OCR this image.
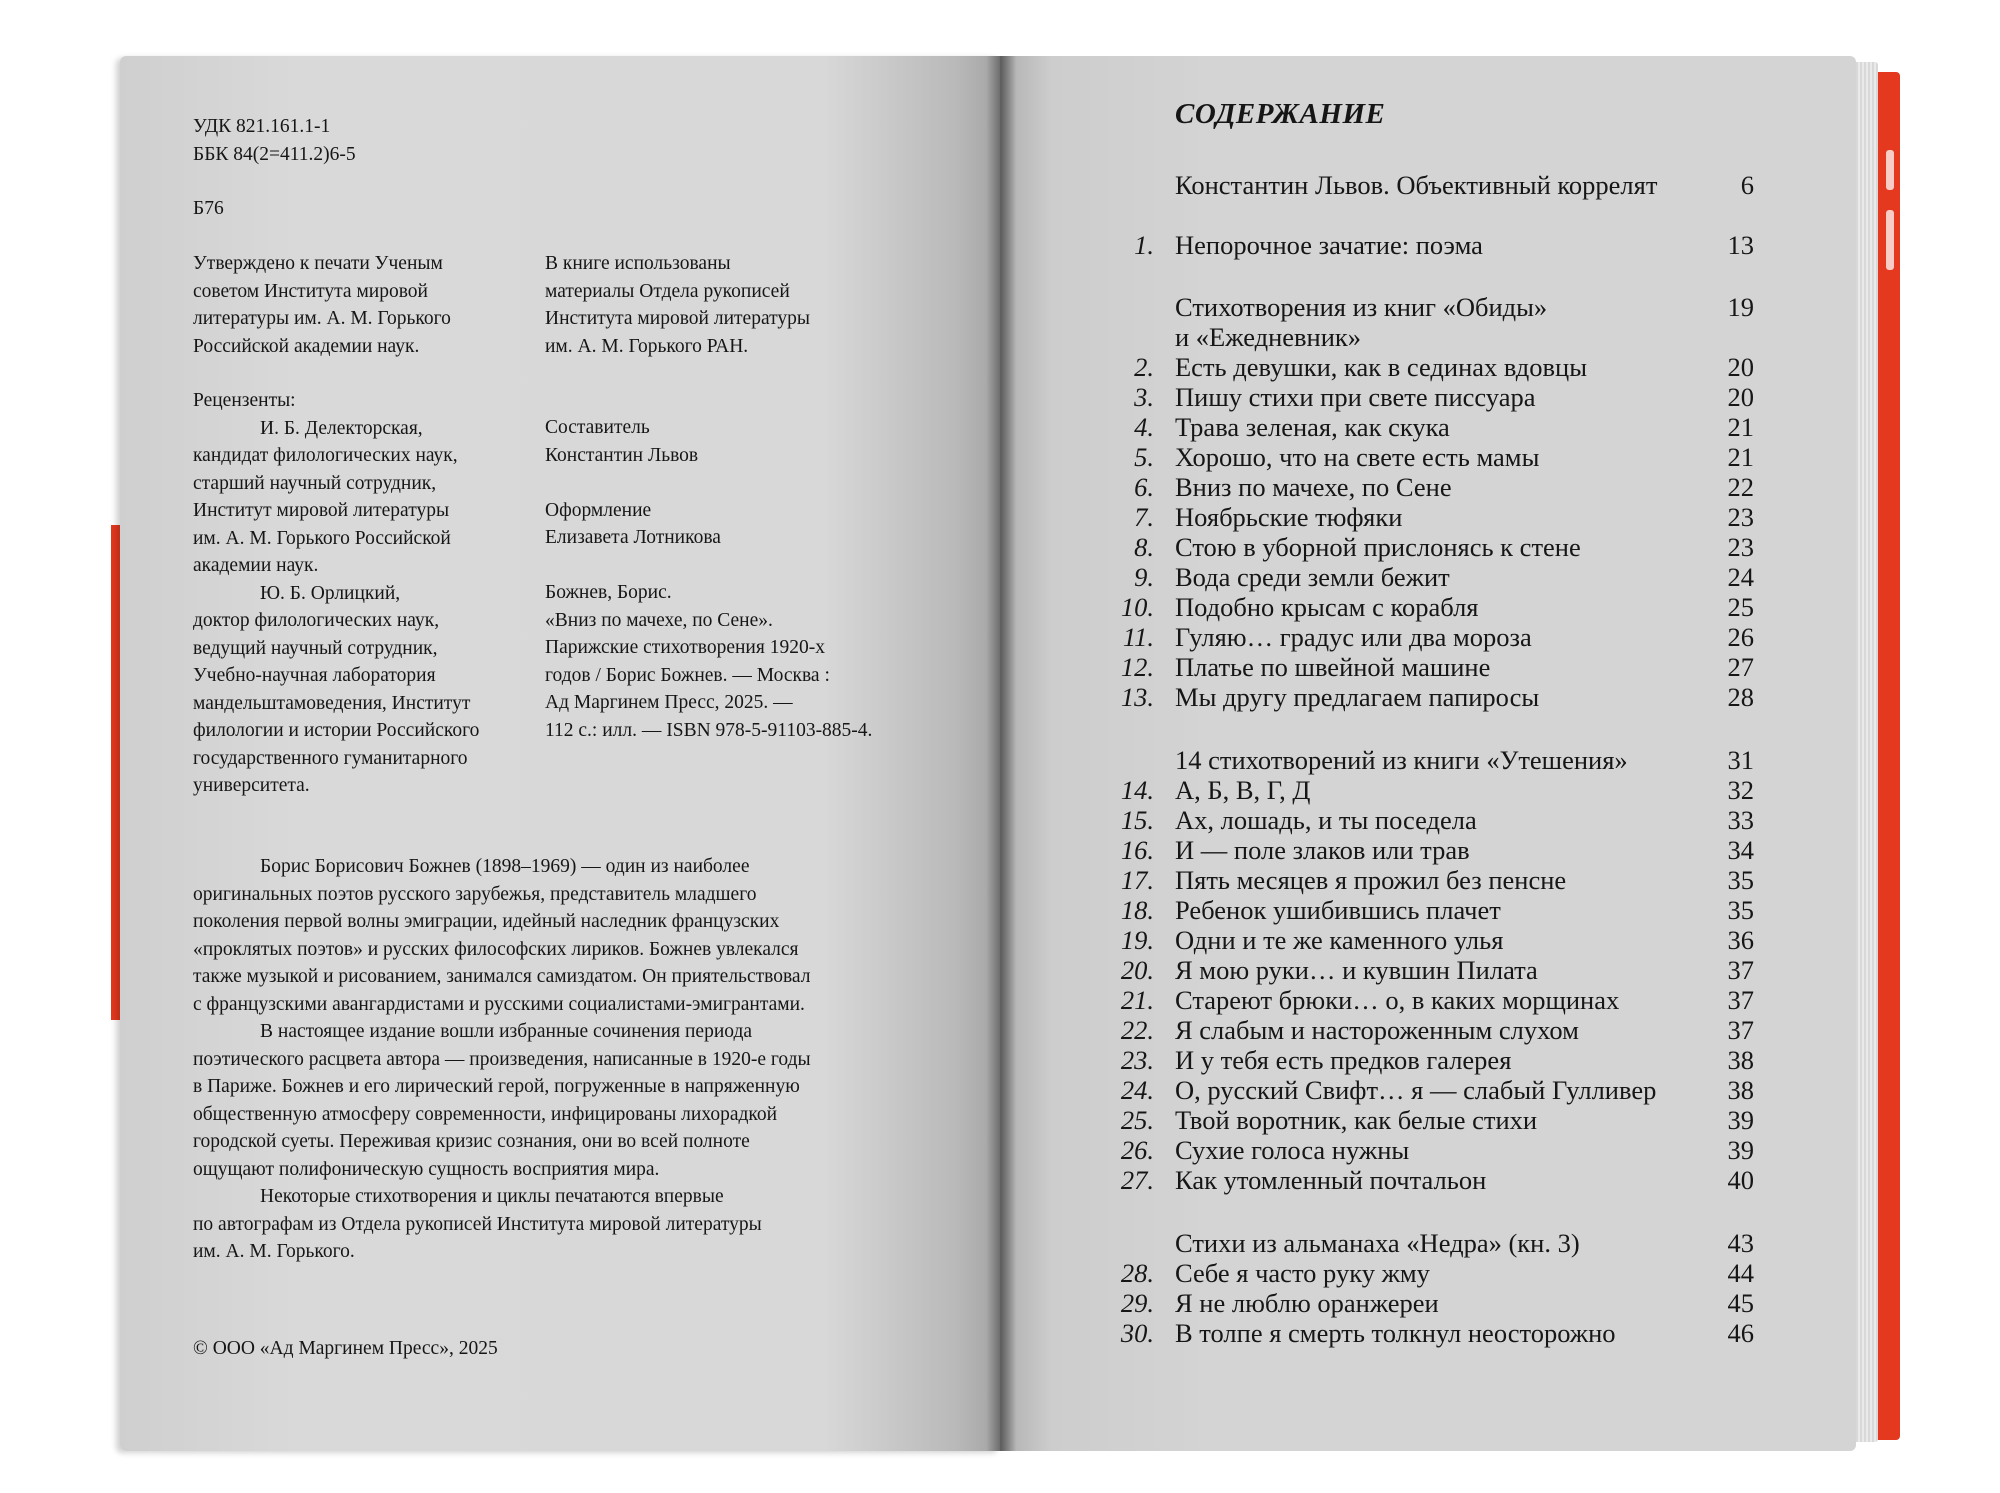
УДК 821.161.1-1
ББК 84(2=411.2)6-5
Б76
Утверждено к печати Ученым
советом Института мировой
литературы им. А. М. Горького
Российской академии наук.
В книге использованы
материалы Отдела рукописей
Института мировой литературы
им. А. М. Горького РАН.
Рецензенты:
И. Б. Делекторская,
кандидат филологических наук,
старший научный сотрудник,
Институт мировой литературы
им. А. М. Горького Российской
академии наук.
Ю. Б. Орлицкий,
доктор филологических наук,
ведущий научный сотрудник,
Учебно-научная лаборатория
мандельштамоведения, Институт
филологии и истории Российского
государственного гуманитарного
университета.
Составитель
Константин Львов
Оформление
Елизавета Лотникова
Божнев, Борис.
«Вниз по мачехе, по Сене».
Парижские стихотворения 1920-х
годов / Борис Божнев. — Москва :
Ад Маргинем Пресс, 2025. —
112 с.: илл. — ISBN 978-5-91103-885-4.
Борис Борисович Божнев (1898–1969) — один из наиболее
оригинальных поэтов русского зарубежья, представитель младшего
поколения первой волны эмиграции, идейный наследник французских
«проклятых поэтов» и русских философских лириков. Божнев увлекался
также музыкой и рисованием, занимался самиздатом. Он приятельствовал
с французскими авангардистами и русскими социалистами-эмигрантами.
В настоящее издание вошли избранные сочинения периода
поэтического расцвета автора — произведения, написанные в 1920-е годы
в Париже. Божнев и его лирический герой, погруженные в напряженную
общественную атмосферу современности, инфицированы лихорадкой
городской суеты. Переживая кризис сознания, они во всей полноте
ощущают полифоническую сущность восприятия мира.
Некоторые стихотворения и циклы печатаются впервые
по автографам из Отдела рукописей Института мировой литературы
им. А. М. Горького.
© ООО «Ад Маргинем Пресс», 2025
СОДЕРЖАНИЕ
Константин Львов. Объективный коррелят	6
1. Непорочное зачатие: поэма	13
Стихотворения из книг «Обиды»	19
и «Ежедневник»
2. Есть девушки, как в сединах вдовцы	20
3. Пишу стихи при свете писсуара	20
4. Трава зеленая, как скука	21
5. Хорошо, что на свете есть мамы	21
6. Вниз по мачехе, по Сене	22
7. Ноябрьские тюфяки	23
8. Стою в уборной прислонясь к стене	23
9. Вода среди земли бежит	24
10. Подобно крысам с корабля	25
11. Гуляю… градус или два мороза	26
12. Платье по швейной машине	27
13. Мы другу предлагаем папиросы	28
14 стихотворений из книги «Утешения»	31
14. А, Б, В, Г, Д	32
15. Ах, лошадь, и ты поседела	33
16. И — поле злаков или трав	34
17. Пять месяцев я прожил без пенсне	35
18. Ребенок ушибившись плачет	35
19. Одни и те же каменного улья	36
20. Я мою руки… и кувшин Пилата	37
21. Стареют брюки… о, в каких морщинах	37
22. Я слабым и настороженным слухом	37
23. И у тебя есть предков галерея	38
24. О, русский Свифт… я — слабый Гулливер	38
25. Твой воротник, как белые стихи	39
26. Сухие голоса нужны	39
27. Как утомленный почтальон	40
Стихи из альманаха «Недра» (кн. 3)	43
28. Себе я часто руку жму	44
29. Я не люблю оранжереи	45
30. В толпе я смерть толкнул неосторожно	46
